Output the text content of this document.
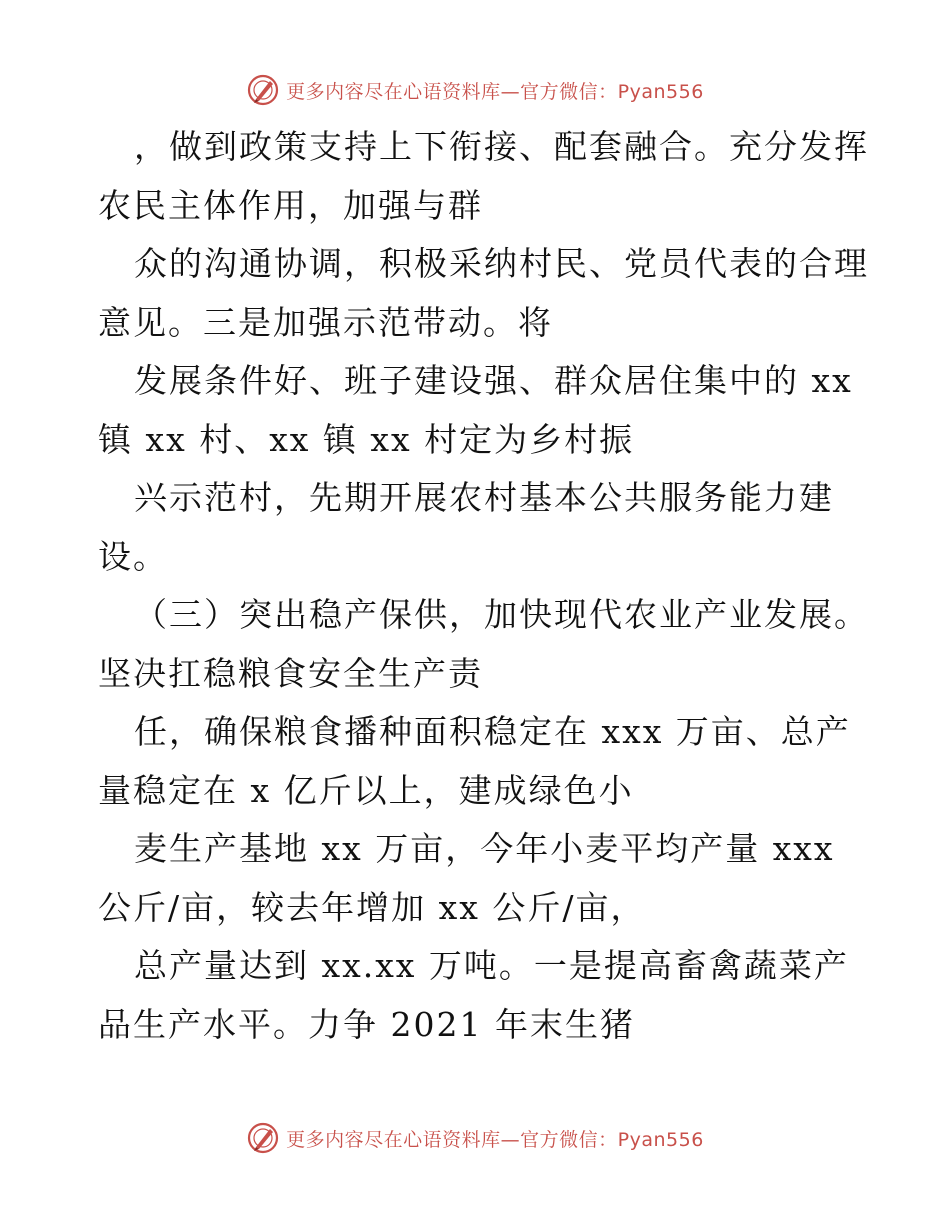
更多内容尽在心语资料库—官方微信：Pyan556

，做到政策支持上下衔接、配套融合。充分发挥
农民主体作用，加强与群

众的沟通协调，积极采纳村民、党员代表的合理
意见。三是加强示范带动。将

发展条件好、班子建设强、群众居住集中的 xx
镇 xx 村、xx 镇 xx 村定为乡村振

兴示范村，先期开展农村基本公共服务能力建
设。

（三）突出稳产保供，加快现代农业产业发展。
坚决扛稳粮食安全生产责

任，确保粮食播种面积稳定在 xxx 万亩、总产
量稳定在 x 亿斤以上，建成绿色小

麦生产基地 xx 万亩，今年小麦平均产量 xxx
公斤/亩，较去年增加 xx 公斤/亩，

总产量达到 xx.xx 万吨。一是提高畜禽蔬菜产
品生产水平。力争 2021 年末生猪

更多内容尽在心语资料库—官方微信：Pyan556
